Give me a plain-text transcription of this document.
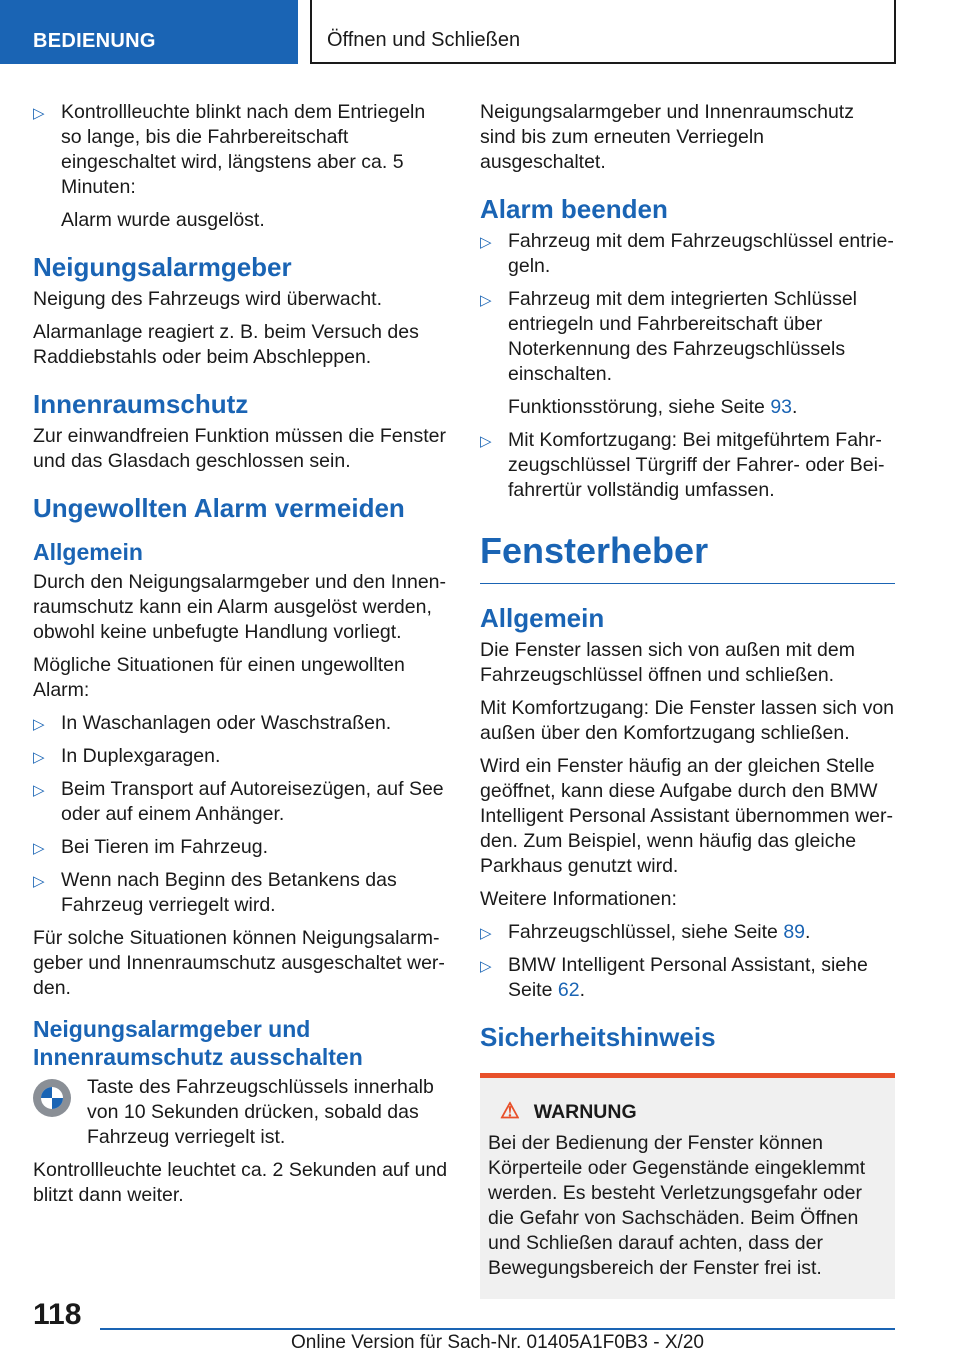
BEDIENUNG	Öffnen und Schließen
▷ Kontrollleuchte blinkt nach dem Entriegeln so lange, bis die Fahrbereitschaft eingeschaltet wird, längstens aber ca. 5 Minuten:

Alarm wurde ausgelöst.

Neigungsalarmgeber

Neigung des Fahrzeugs wird überwacht.

Alarmanlage reagiert z. B. beim Versuch des Raddiebstahls oder beim Abschleppen.

Innenraumschutz

Zur einwandfreien Funktion müssen die Fenster und das Glasdach geschlossen sein.

Ungewollten Alarm vermeiden
Allgemein

Durch den Neigungsalarmgeber und den Innenraumschutz kann ein Alarm ausgelöst werden, obwohl keine unbefugte Handlung vorliegt.

Mögliche Situationen für einen ungewollten Alarm:

▷ In Waschanlagen oder Waschstraßen.
▷ In Duplexgaragen.
▷ Beim Transport auf Autoreisezügen, auf See oder auf einem Anhänger.
▷ Bei Tieren im Fahrzeug.
▷ Wenn nach Beginn des Betankens das Fahrzeug verriegelt wird.

Für solche Situationen können Neigungsalarmgeber und Innenraumschutz ausgeschaltet werden.

Neigungsalarmgeber und Innenraumschutz ausschalten

Taste des Fahrzeugschlüssels innerhalb von 10 Sekunden drücken, sobald das Fahrzeug verriegelt ist.

Kontrollleuchte leuchtet ca. 2 Sekunden auf und blitzt dann weiter.

Neigungsalarmgeber und Innenraumschutz sind bis zum erneuten Verriegeln ausgeschaltet.

Alarm beenden
▷ Fahrzeug mit dem Fahrzeugschlüssel entriegeln.
▷ Fahrzeug mit dem integrierten Schlüssel entriegeln und Fahrbereitschaft über Noterkennung des Fahrzeugschlüssels einschalten.

Funktionsstörung, siehe Seite 93.

▷ Mit Komfortzugang: Bei mitgeführtem Fahrzeugschlüssel Türgriff der Fahrer- oder Beifahrertür vollständig umfassen.
Fensterheber
Allgemein

Die Fenster lassen sich von außen mit dem Fahrzeugschlüssel öffnen und schließen.

Mit Komfortzugang: Die Fenster lassen sich von außen über den Komfortzugang schließen.

Wird ein Fenster häufig an der gleichen Stelle geöffnet, kann diese Aufgabe durch den BMW Intelligent Personal Assistant übernommen werden. Zum Beispiel, wenn häufig das gleiche Parkhaus genutzt wird.

Weitere Informationen:

▷ Fahrzeugschlüssel, siehe Seite 89.
▷ BMW Intelligent Personal Assistant, siehe Seite 62.
Sicherheitshinweis
⚠ WARNUNG
Bei der Bedienung der Fenster können Körperteile oder Gegenstände eingeklemmt werden. Es besteht Verletzungsgefahr oder die Gefahr von Sachschäden. Beim Öffnen und Schließen darauf achten, dass der Bewegungsbereich der Fenster frei ist.
118
Online Version für Sach-Nr. 01405A1F0B3 - X/20
